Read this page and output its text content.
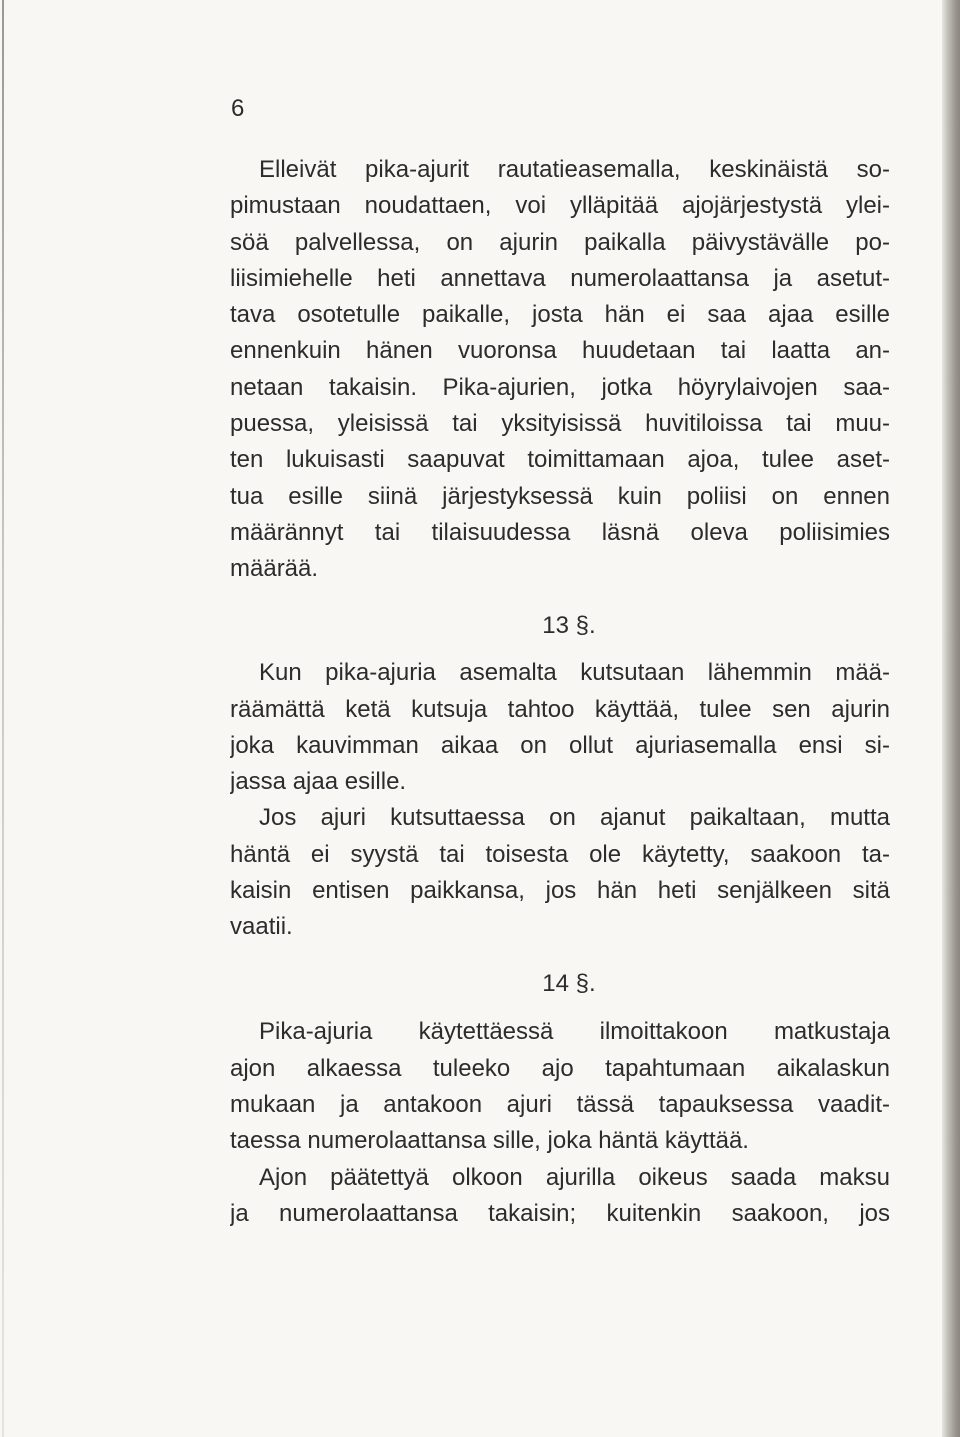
6
Elleivät pika-ajurit rautatieasemalla, keskinäistä so-
pimustaan noudattaen, voi ylläpitää ajojärjestystä ylei-
söä palvellessa, on ajurin paikalla päivystävälle po-
liisimiehelle heti annettava numerolaattansa ja asetut-
tava osotetulle paikalle, josta hän ei saa ajaa esille
ennenkuin hänen vuoronsa huudetaan tai laatta an-
netaan takaisin. Pika-ajurien, jotka höyrylaivojen saa-
puessa, yleisissä tai yksityisissä huvitiloissa tai muu-
ten lukuisasti saapuvat toimittamaan ajoa, tulee aset-
tua esille siinä järjestyksessä kuin poliisi on ennen
määrännyt tai tilaisuudessa läsnä oleva poliisimies
määrää.
13 §.
Kun pika-ajuria asemalta kutsutaan lähemmin mää-
räämättä ketä kutsuja tahtoo käyttää, tulee sen ajurin
joka kauvimman aikaa on ollut ajuriasemalla ensi si-
jassa ajaa esille.
Jos ajuri kutsuttaessa on ajanut paikaltaan, mutta
häntä ei syystä tai toisesta ole käytetty, saakoon ta-
kaisin entisen paikkansa, jos hän heti senjälkeen sitä
vaatii.
14 §.
Pika-ajuria käytettäessä ilmoittakoon matkustaja
ajon alkaessa tuleeko ajo tapahtumaan aikalaskun
mukaan ja antakoon ajuri tässä tapauksessa vaadit-
taessa numerolaattansa sille, joka häntä käyttää.
Ajon päätettyä olkoon ajurilla oikeus saada maksu
ja numerolaattansa takaisin; kuitenkin saakoon, jos
